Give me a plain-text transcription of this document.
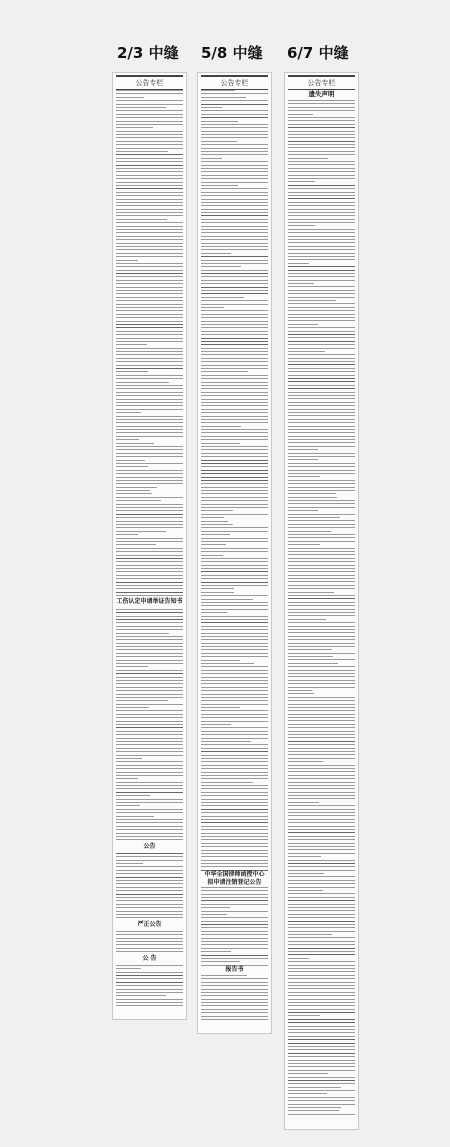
2/3 中缝 5/8 中缝 6/7 中缝
公告专栏
工伤认定申请举证告知书
公告
严正公告
公 告
公告专栏
中华全国律师函授中心
拟申请注销登记公告
报告书
公告专栏
遗失声明
